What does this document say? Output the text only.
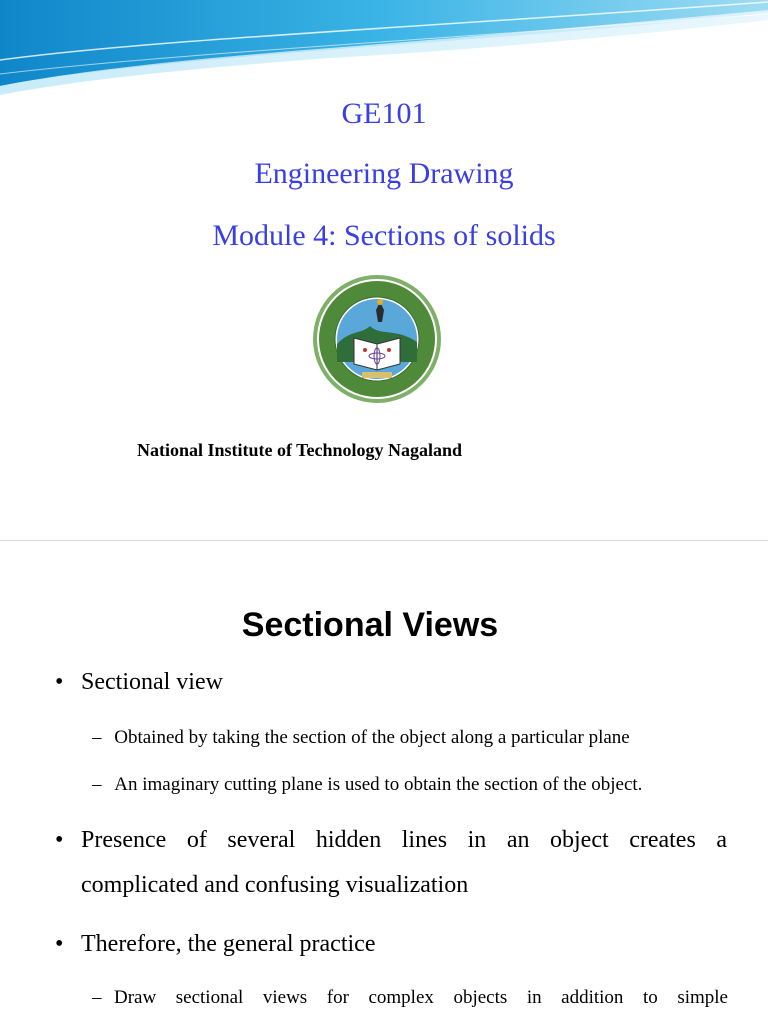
GE101

Engineering Drawing

Module 4: Sections of solids

National Institute of Technology Nagaland

Sectional Views

• Sectional view
– Obtained by taking the section of the object along a particular plane
– An imaginary cutting plane is used to obtain the section of the object.
• Presence of several hidden lines in an object creates a
complicated and confusing visualization
• Therefore, the general practice
– Draw sectional views for complex objects in addition to simple
